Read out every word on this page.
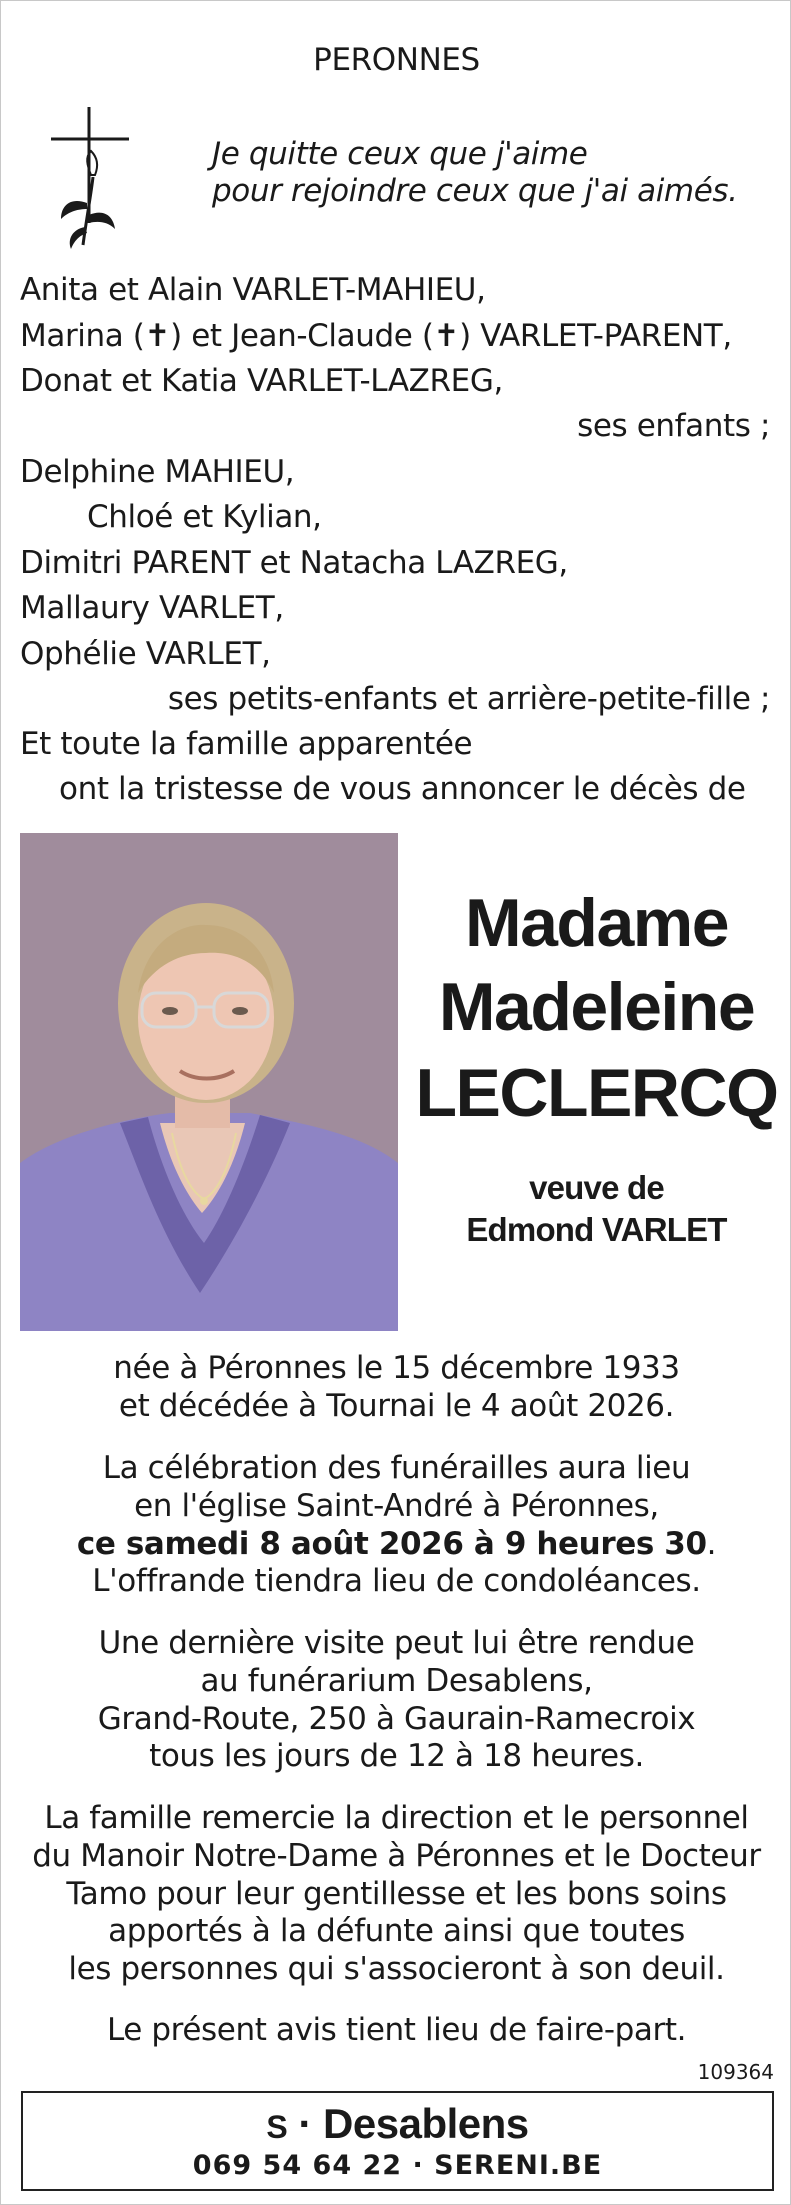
PERONNES
Je quitte ceux que j'aime
pour rejoindre ceux que j'ai aimés.
Anita et Alain VARLET-MAHIEU,
Marina (✝) et Jean-Claude (✝) VARLET-PARENT,
Donat et Katia VARLET-LAZREG,
ses enfants ;
Delphine MAHIEU,
Chloé et Kylian,
Dimitri PARENT et Natacha LAZREG,
Mallaury VARLET,
Ophélie VARLET,
ses petits-enfants et arrière-petite-fille ;
Et toute la famille apparentée
ont la tristesse de vous annoncer le décès de
Madame
Madeleine
LECLERCQ
veuve de
Edmond VARLET
née à Péronnes le 15 décembre 1933
et décédée à Tournai le 4 août 2026.
La célébration des funérailles aura lieu
en l'église Saint-André à Péronnes,
ce samedi 8 août 2026 à 9 heures 30.
L'offrande tiendra lieu de condoléances.
Une dernière visite peut lui être rendue
au funérarium Desablens,
Grand-Route, 250 à Gaurain-Ramecroix
tous les jours de 12 à 18 heures.
La famille remercie la direction et le personnel
du Manoir Notre-Dame à Péronnes et le Docteur
Tamo pour leur gentillesse et les bons soins
apportés à la défunte ainsi que toutes
les personnes qui s'associeront à son deuil.
Le présent avis tient lieu de faire-part.
109364
S · Desablens
069 54 64 22 · SERENI.BE
